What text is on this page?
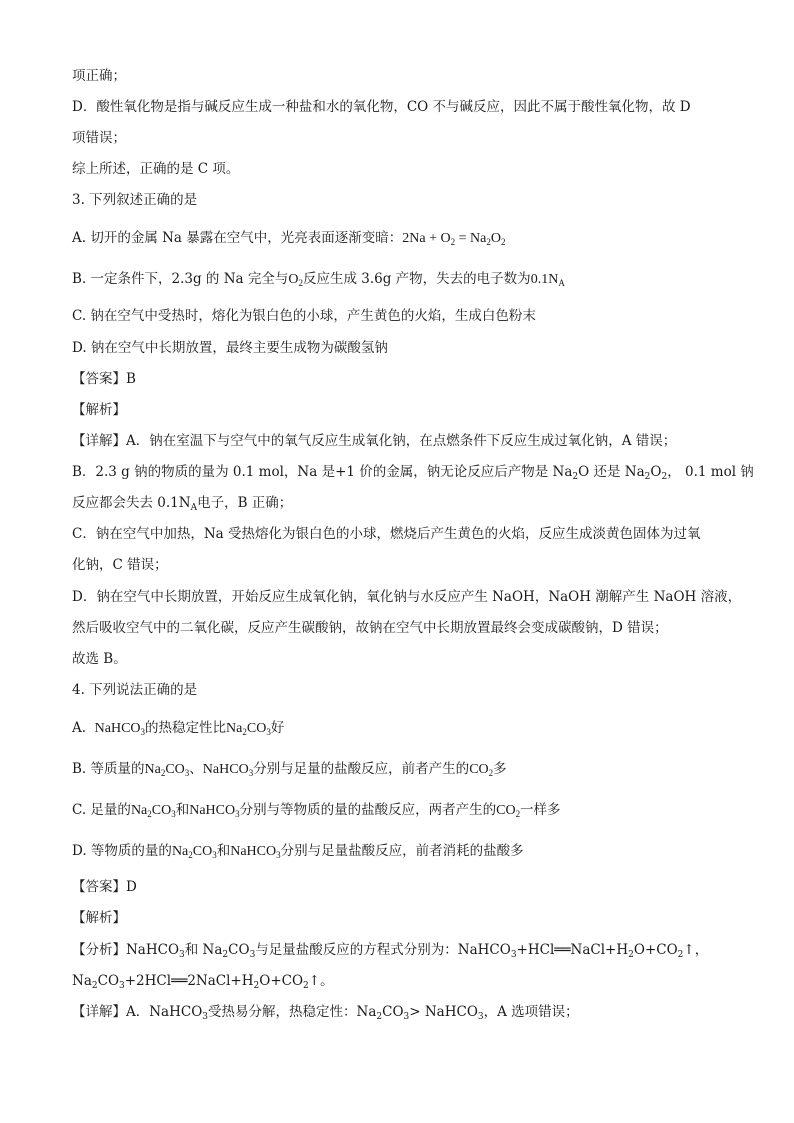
项正确；
D．酸性氧化物是指与碱反应生成一种盐和水的氧化物，CO 不与碱反应，因此不属于酸性氧化物，故 D
项错误；
综上所述，正确的是 C 项。
3. 下列叙述正确的是
A. 切开的金属 Na 暴露在空气中，光亮表面逐渐变暗：$2Na + O_2 = Na_2O_2$
B. 一定条件下，2.3g 的 Na 完全与$O_2$反应生成 3.6g 产物，失去的电子数为$0.1N_A$
C. 钠在空气中受热时，熔化为银白色的小球，产生黄色的火焰，生成白色粉末
D. 钠在空气中长期放置，最终主要生成物为碳酸氢钠
【答案】B
【解析】
【详解】A．钠在室温下与空气中的氧气反应生成氧化钠，在点燃条件下反应生成过氧化钠，A 错误；
B．2.3 g 钠的物质的量为 0.1 mol，Na 是+1 价的金属，钠无论反应后产物是 $Na_2O$ 还是 $Na_2O_2$， 0.1 mol 钠
反应都会失去 $0.1N_A$电子，B 正确；
C．钠在空气中加热，Na 受热熔化为银白色的小球，燃烧后产生黄色的火焰，反应生成淡黄色固体为过氧
化钠，C 错误；
D．钠在空气中长期放置，开始反应生成氧化钠，氧化钠与水反应产生 NaOH，NaOH 潮解产生 NaOH 溶液，
然后吸收空气中的二氧化碳，反应产生碳酸钠，故钠在空气中长期放置最终会变成碳酸钠，D 错误；
故选 B。
4. 下列说法正确的是
A. NaHCO$_3$的热稳定性比$Na_2CO_3$好
B. 等质量的$Na_2CO_3$、NaHCO$_3$分别与足量的盐酸反应，前者产生的$CO_2$多
C. 足量的$Na_2CO_3$和NaHCO$_3$分别与等物质的量的盐酸反应，两者产生的$CO_2$一样多
D. 等物质的量的$Na_2CO_3$和NaHCO$_3$分别与足量盐酸反应，前者消耗的盐酸多
【答案】D
【解析】
【分析】NaHCO$_3$和 $Na_2CO_3$与足量盐酸反应的方程式分别为：$NaHCO_3+HCl══NaCl+H_2O+CO_2↑$，
$Na_2CO_3+2HCl══2NaCl+H_2O+CO_2↑$。
【详解】A．NaHCO$_3$受热易分解，热稳定性：$Na_2CO_3>$ NaHCO$_3$，A 选项错误；
